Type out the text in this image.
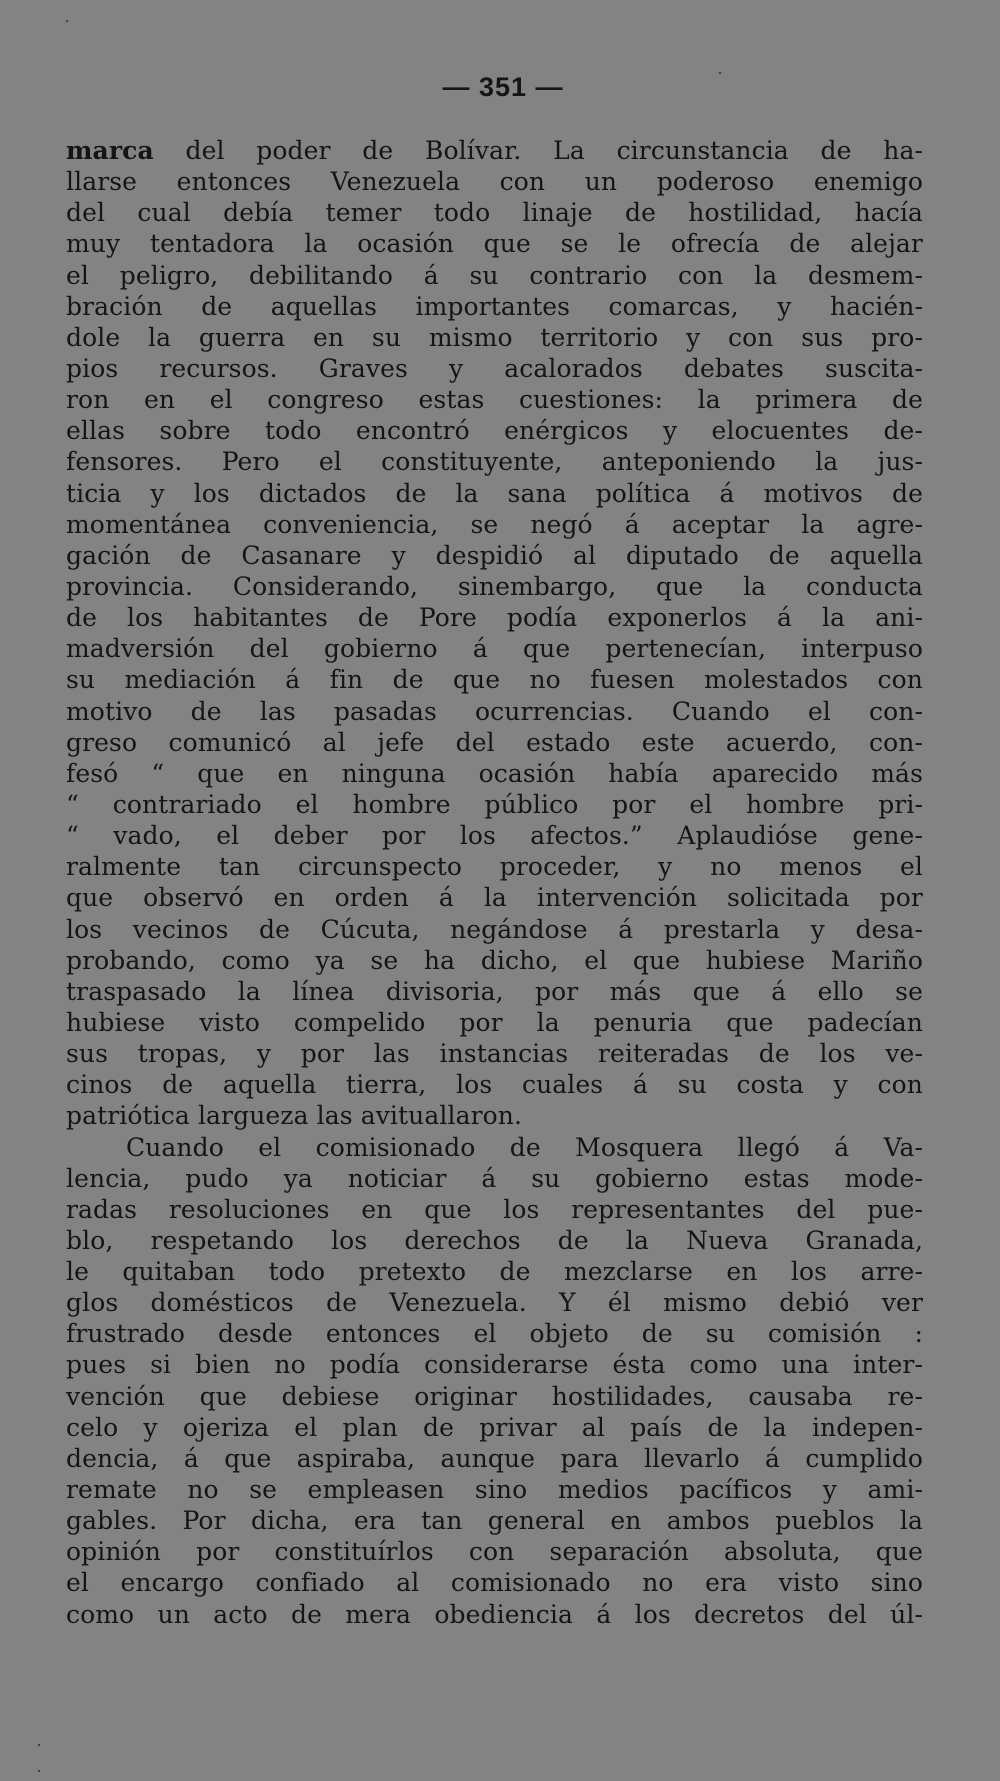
— 351 —
marca del poder de Bolívar. La circunstancia de ha-
llarse entonces Venezuela con un poderoso enemigo
del cual debía temer todo linaje de hostilidad, hacía
muy tentadora la ocasión que se le ofrecía de alejar
el peligro, debilitando á su contrario con la desmem-
bración de aquellas importantes comarcas, y hacién-
dole la guerra en su mismo territorio y con sus pro-
pios recursos. Graves y acalorados debates suscita-
ron en el congreso estas cuestiones: la primera de
ellas sobre todo encontró enérgicos y elocuentes de-
fensores. Pero el constituyente, anteponiendo la jus-
ticia y los dictados de la sana política á motivos de
momentánea conveniencia, se negó á aceptar la agre-
gación de Casanare y despidió al diputado de aquella
provincia. Considerando, sinembargo, que la conducta
de los habitantes de Pore podía exponerlos á la ani-
madversión del gobierno á que pertenecían, interpuso
su mediación á fin de que no fuesen molestados con
motivo de las pasadas ocurrencias. Cuando el con-
greso comunicó al jefe del estado este acuerdo, con-
fesó “ que en ninguna ocasión había aparecido más
“ contrariado el hombre público por el hombre pri-
“ vado, el deber por los afectos.” Aplaudióse gene-
ralmente tan circunspecto proceder, y no menos el
que observó en orden á la intervención solicitada por
los vecinos de Cúcuta, negándose á prestarla y desa-
probando, como ya se ha dicho, el que hubiese Mariño
traspasado la línea divisoria, por más que á ello se
hubiese visto compelido por la penuria que padecían
sus tropas, y por las instancias reiteradas de los ve-
cinos de aquella tierra, los cuales á su costa y con
patriótica largueza las avituallaron.
Cuando el comisionado de Mosquera llegó á Va-
lencia, pudo ya noticiar á su gobierno estas mode-
radas resoluciones en que los representantes del pue-
blo, respetando los derechos de la Nueva Granada,
le quitaban todo pretexto de mezclarse en los arre-
glos domésticos de Venezuela. Y él mismo debió ver
frustrado desde entonces el objeto de su comisión :
pues si bien no podía considerarse ésta como una inter-
vención que debiese originar hostilidades, causaba re-
celo y ojeriza el plan de privar al país de la indepen-
dencia, á que aspiraba, aunque para llevarlo á cumplido
remate no se empleasen sino medios pacíficos y ami-
gables. Por dicha, era tan general en ambos pueblos la
opinión por constituírlos con separación absoluta, que
el encargo confiado al comisionado no era visto sino
como un acto de mera obediencia á los decretos del úl-
